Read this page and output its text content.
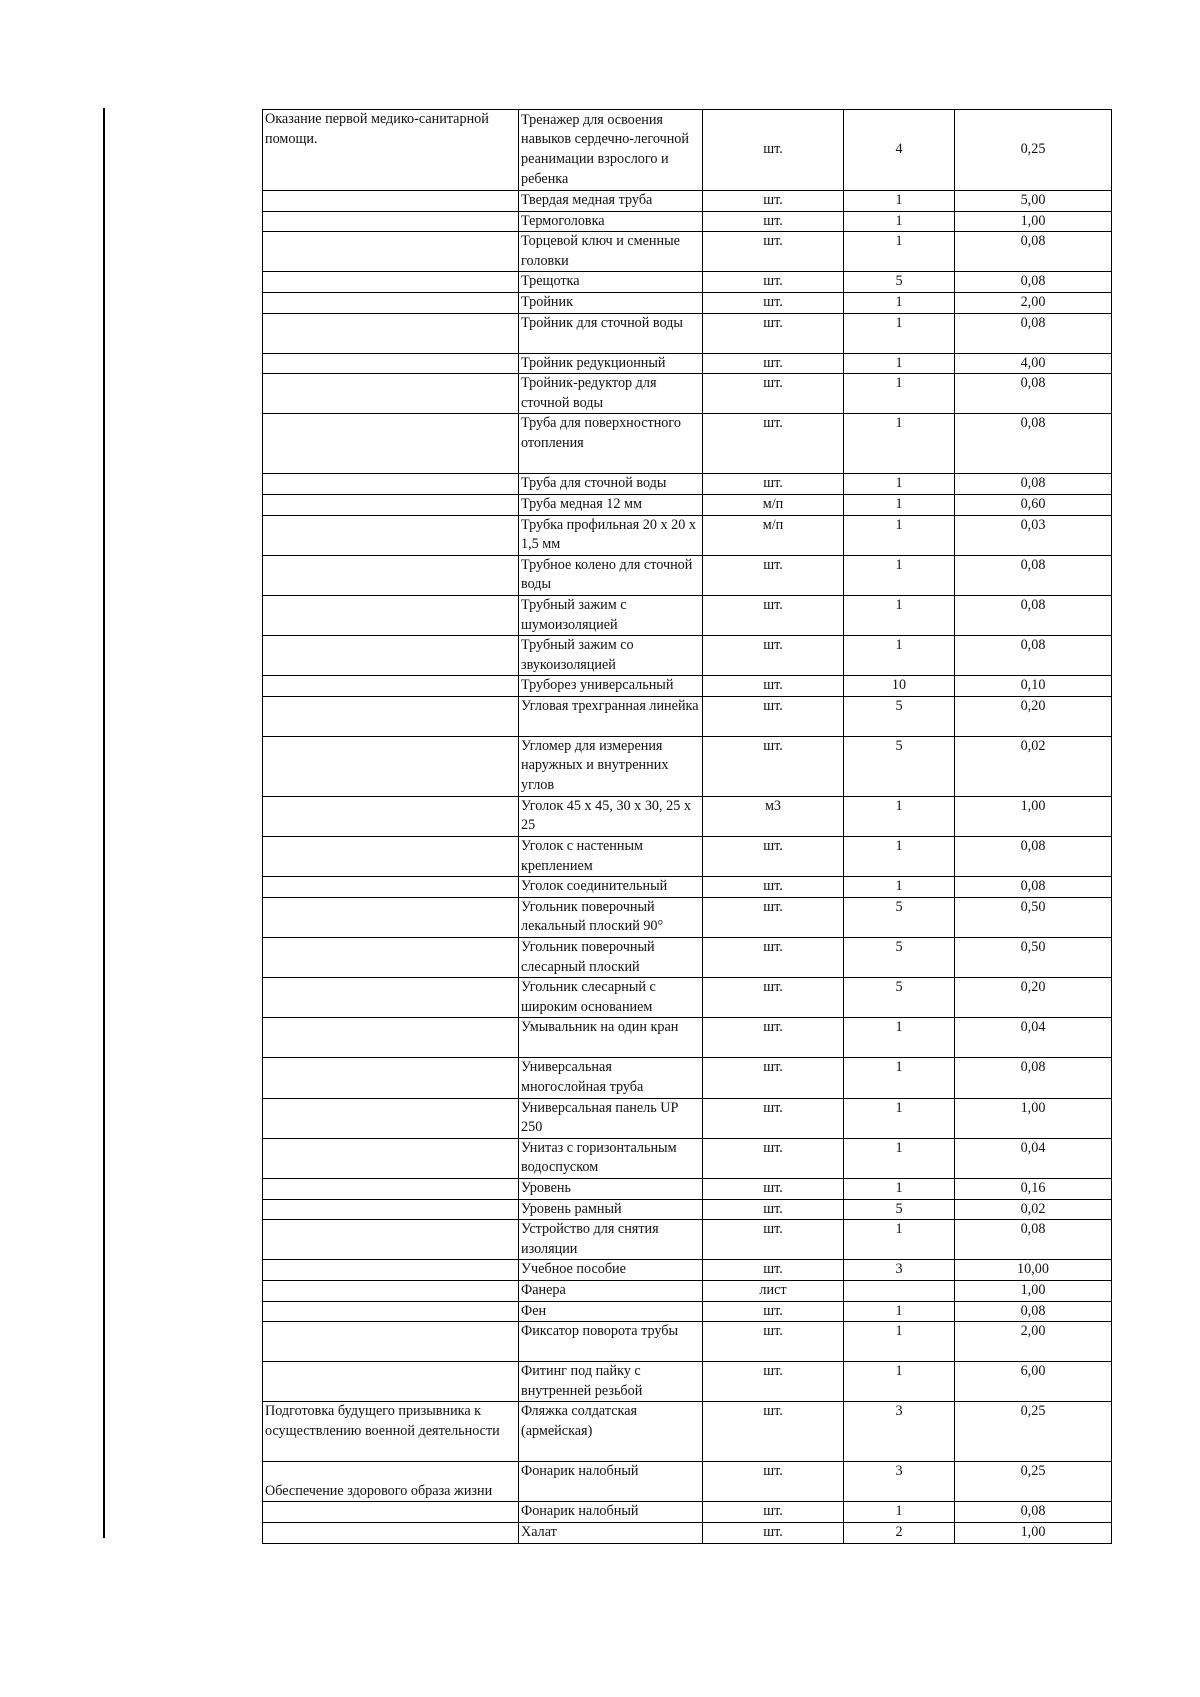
Оказание первой медико-санитарной помощи.	Тренажер для освоения навыков сердечно-легочной реанимации взрослого и ребенка	шт.	4	0,25
	Твердая медная труба	шт.	1	5,00
	Термоголовка	шт.	1	1,00
	Торцевой ключ и сменные головки	шт.	1	0,08
	Трещотка	шт.	5	0,08
	Тройник	шт.	1	2,00
	Тройник для сточной воды	шт.	1	0,08
	Тройник редукционный	шт.	1	4,00
	Тройник-редуктор для сточной воды	шт.	1	0,08
	Труба для поверхностного отопления	шт.	1	0,08
	Труба для сточной воды	шт.	1	0,08
	Труба медная 12 мм	м/п	1	0,60
	Трубка профильная 20 х 20 х 1,5 мм	м/п	1	0,03
	Трубное колено для сточной воды	шт.	1	0,08
	Трубный зажим с шумоизоляцией	шт.	1	0,08
	Трубный зажим со звукоизоляцией	шт.	1	0,08
	Труборез универсальный	шт.	10	0,10
	Угловая трехгранная линейка	шт.	5	0,20
	Угломер для измерения наружных и внутренних углов	шт.	5	0,02
	Уголок 45 х 45, 30 х 30, 25 х 25	м3	1	1,00
	Уголок с настенным креплением	шт.	1	0,08
	Уголок соединительный	шт.	1	0,08
	Угольник поверочный лекальный плоский 90°	шт.	5	0,50
	Угольник поверочный слесарный плоский	шт.	5	0,50
	Угольник слесарный с широким основанием	шт.	5	0,20
	Умывальник на один кран	шт.	1	0,04
	Универсальная многослойная труба	шт.	1	0,08
	Универсальная панель UP 250	шт.	1	1,00
	Унитаз с горизонтальным водоспуском	шт.	1	0,04
	Уровень	шт.	1	0,16
	Уровень рамный	шт.	5	0,02
	Устройство для снятия изоляции	шт.	1	0,08
	Учебное пособие	шт.	3	10,00
	Фанера	лист		1,00
	Фен	шт.	1	0,08
	Фиксатор поворота трубы	шт.	1	2,00
	Фитинг под пайку с внутренней резьбой	шт.	1	6,00
Подготовка будущего призывника к осуществлению военной деятельности	Фляжка солдатская (армейская)	шт.	3	0,25
Обеспечение здорового образа жизни	Фонарик налобный	шт.	3	0,25
	Фонарик налобный	шт.	1	0,08
	Халат	шт.	2	1,00
